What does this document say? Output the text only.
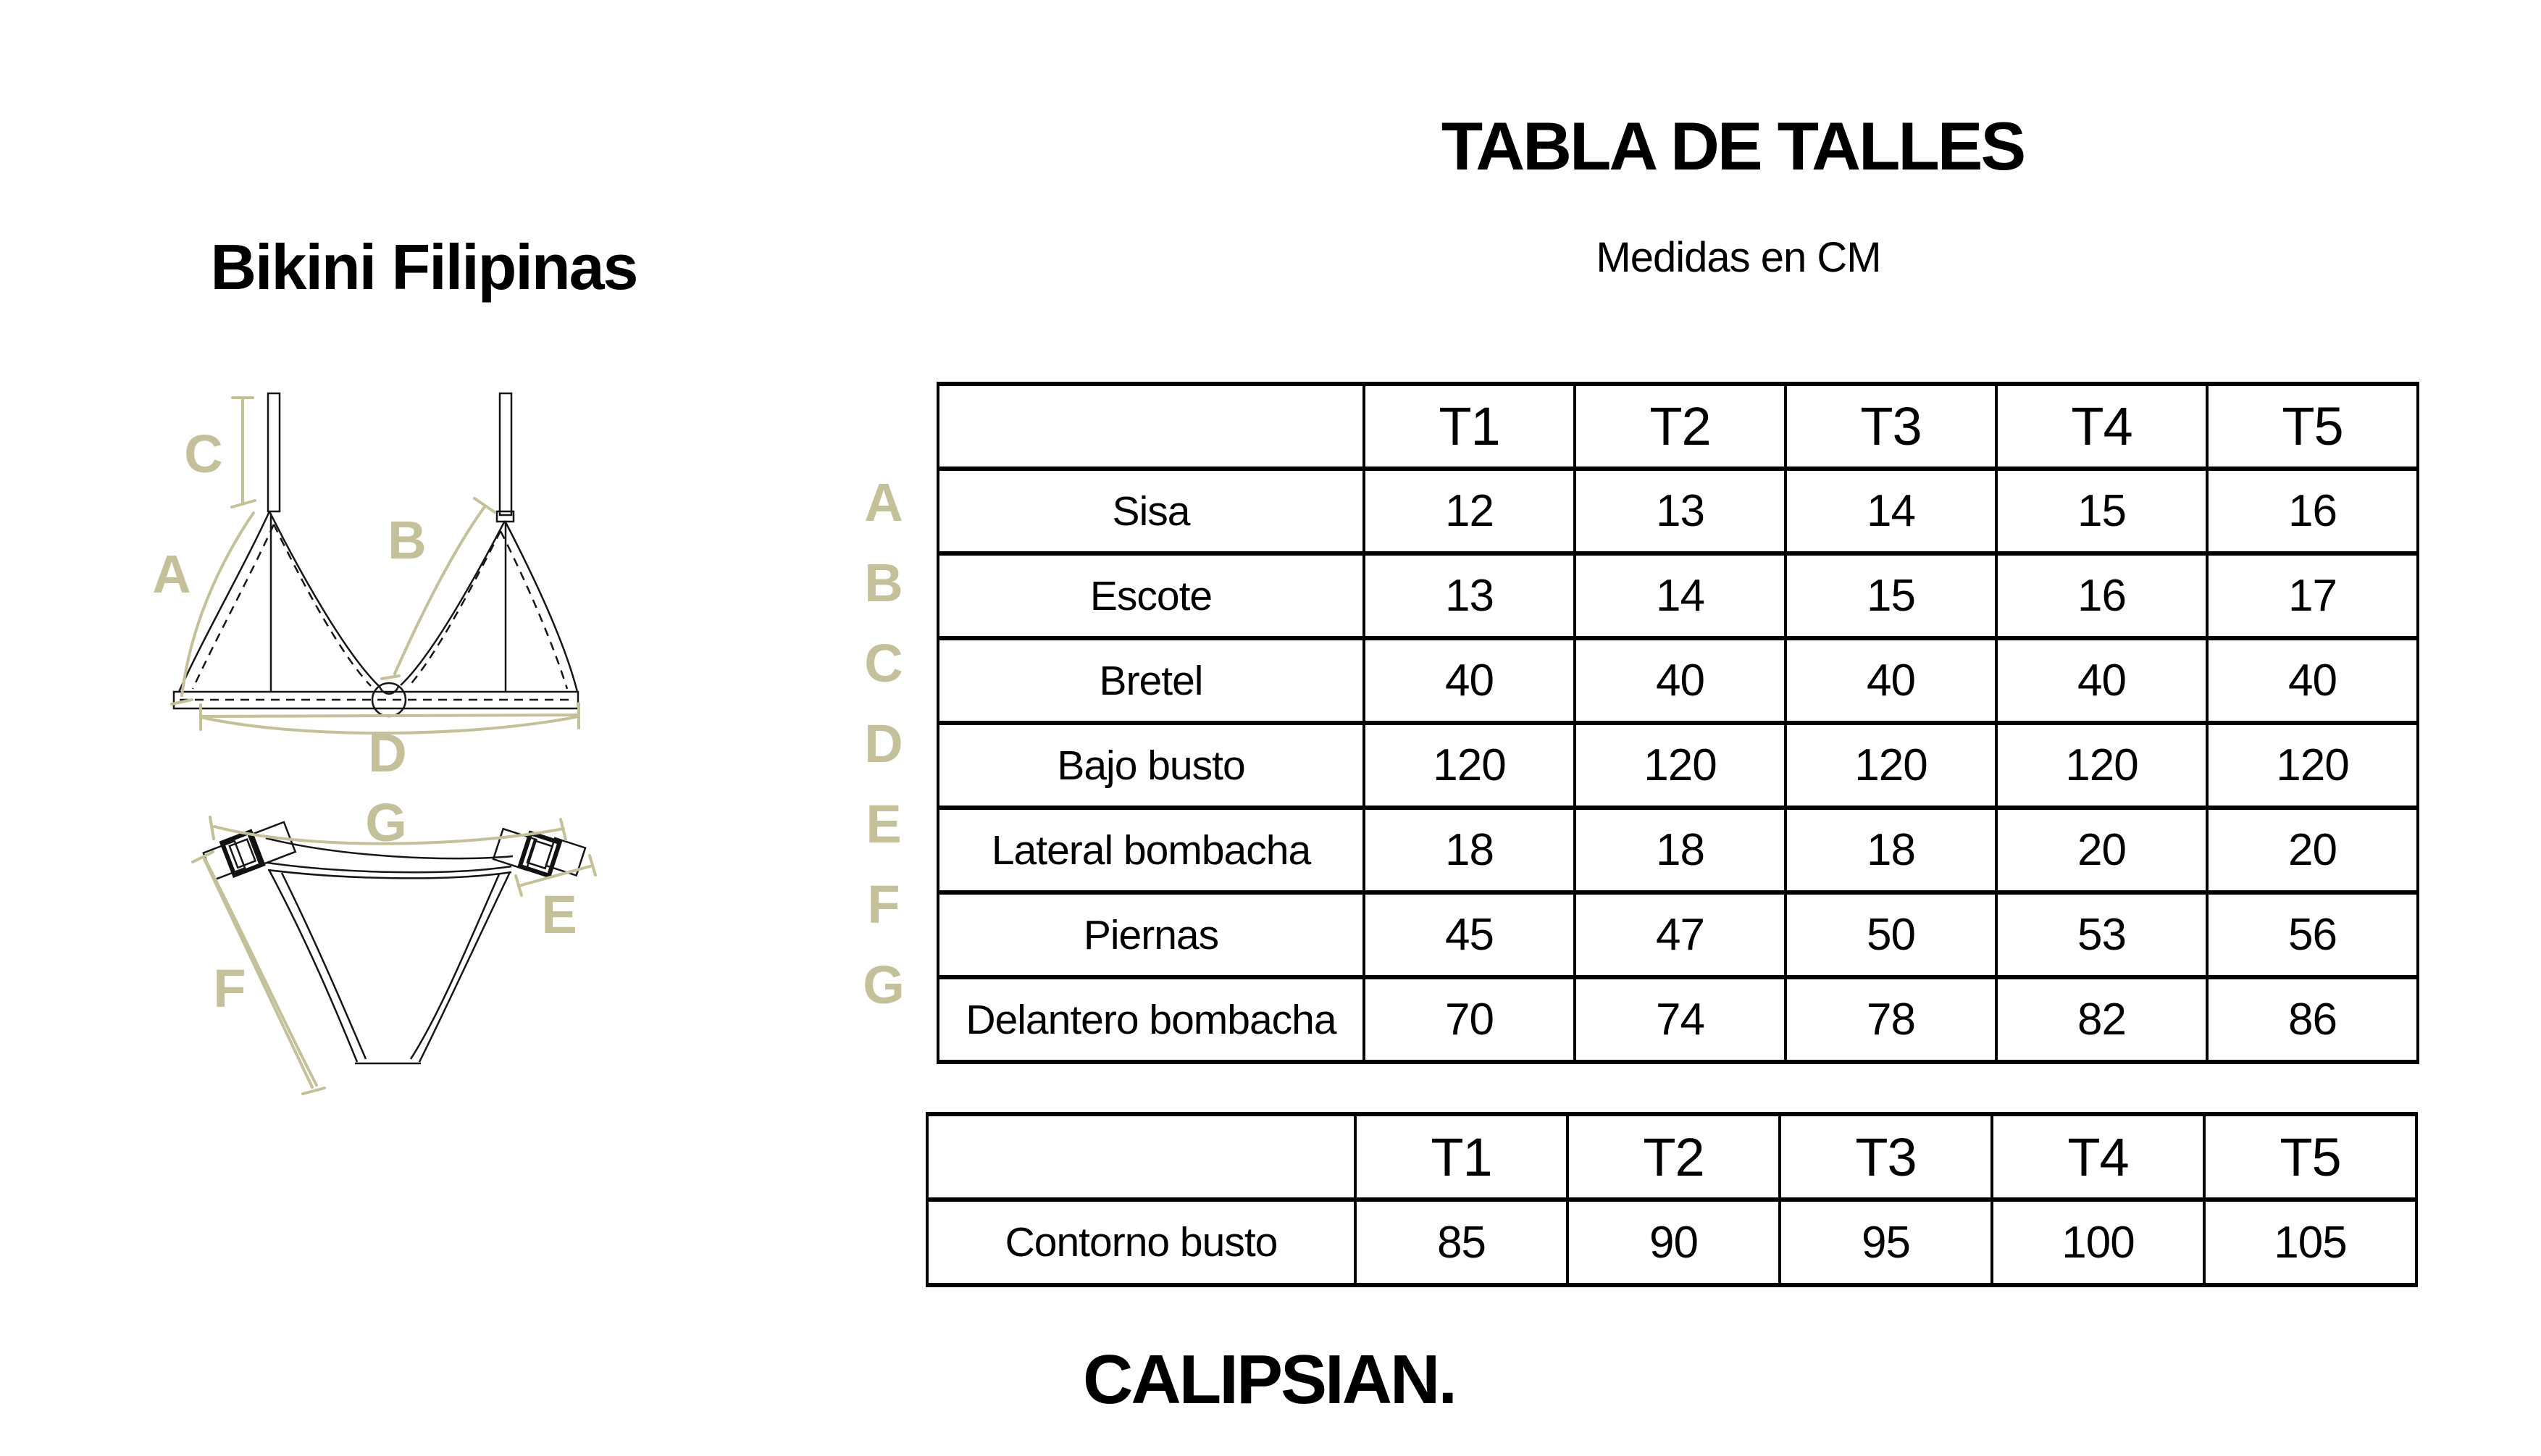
Bikini Filipinas
TABLA DE TALLES
Medidas en CM
CALIPSIAN.
C
A
B
D
G
E
F
	T1	T2	T3	T4	T5
Sisa	12	13	14	15	16
Escote	13	14	15	16	17
Bretel	40	40	40	40	40
Bajo busto	120	120	120	120	120
Lateral bombacha	18	18	18	20	20
Piernas	45	47	50	53	56
Delantero bombacha	70	74	78	82	86
	T1	T2	T3	T4	T5
Contorno busto	85	90	95	100	105
A
B
C
D
E
F
G
